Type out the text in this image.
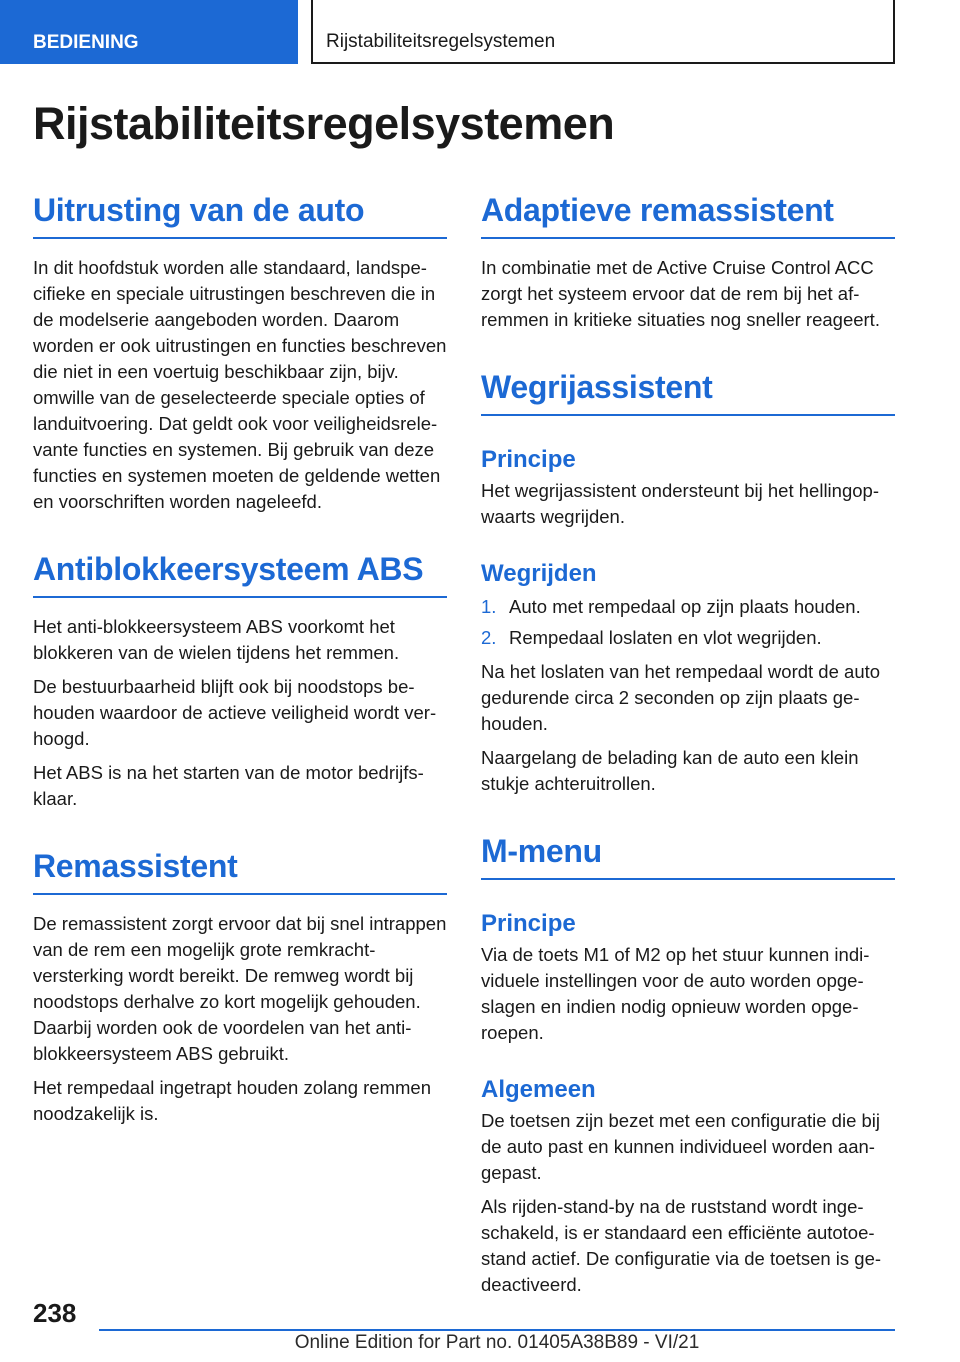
BEDIENING	Rijstabiliteitsregelsystemen
Rijstabiliteitsregelsystemen
Uitrusting van de auto

In dit hoofdstuk worden alle standaard, landspecifieke en speciale uitrustingen beschreven die in de modelserie aangeboden worden. Daarom worden er ook uitrustingen en functies beschreven die niet in een voertuig beschikbaar zijn, bijv. omwille van de geselecteerde speciale opties of landuitvoering. Dat geldt ook voor veiligheidsrelevante functies en systemen. Bij gebruik van deze functies en systemen moeten de geldende wetten en voorschriften worden nageleefd.

Antiblokkeersysteem ABS

Het anti-blokkeersysteem ABS voorkomt het blokkeren van de wielen tijdens het remmen.

De bestuurbaarheid blijft ook bij noodstops behouden waardoor de actieve veiligheid wordt verhoogd.

Het ABS is na het starten van de motor bedrijfsklaar.

Remassistent

De remassistent zorgt ervoor dat bij snel intrappen van de rem een mogelijk grote remkrachtversterking wordt bereikt. De remweg wordt bij noodstops derhalve zo kort mogelijk gehouden. Daarbij worden ook de voordelen van het antiblokkeersysteem ABS gebruikt.

Het rempedaal ingetrapt houden zolang remmen noodzakelijk is.

Adaptieve remassistent

In combinatie met de Active Cruise Control ACC zorgt het systeem ervoor dat de rem bij het afremmen in kritieke situaties nog sneller reageert.

Wegrijassistent
Principe

Het wegrijassistent ondersteunt bij het hellingopwaarts wegrijden.

Wegrijden
1. Auto met rempedaal op zijn plaats houden.
2. Rempedaal loslaten en vlot wegrijden.

Na het loslaten van het rempedaal wordt de auto gedurende circa 2 seconden op zijn plaats gehouden.

Naargelang de belading kan de auto een klein stukje achteruitrollen.

M-menu
Principe

Via de toets M1 of M2 op het stuur kunnen individuele instellingen voor de auto worden opgeslagen en indien nodig opnieuw worden opgeroepen.

Algemeen

De toetsen zijn bezet met een configuratie die bij de auto past en kunnen individueel worden aangepast.

Als rijden-stand-by na de ruststand wordt ingeschakeld, is er standaard een efficiënte autotoestand actief. De configuratie via de toetsen is gedeactiveerd.

238
Online Edition for Part no. 01405A38B89 - VI/21
